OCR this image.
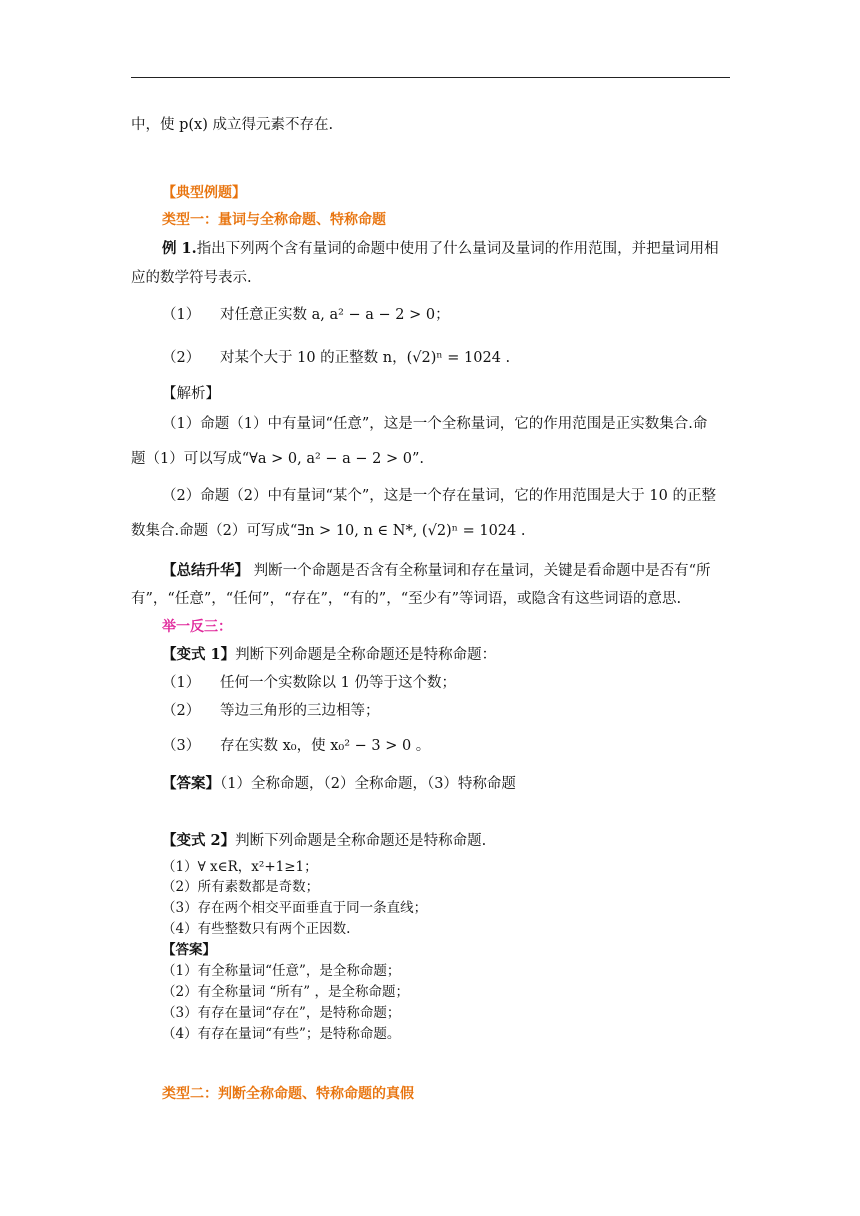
中，使 p(x) 成立得元素不存在.
【典型例题】
类型一：量词与全称命题、特称命题
例 1.指出下列两个含有量词的命题中使用了什么量词及量词的作用范围，并把量词用相
应的数学符号表示.
（1） 对任意正实数 a, a² − a − 2 > 0；
（2） 对某个大于 10 的正整数 n，(√2)ⁿ = 1024 .
【解析】
（1）命题（1）中有量词“任意”，这是一个全称量词，它的作用范围是正实数集合.命
题（1）可以写成“∀a > 0, a² − a − 2 > 0”.
（2）命题（2）中有量词“某个”，这是一个存在量词，它的作用范围是大于 10 的正整
数集合.命题（2）可写成“∃n > 10, n ∈ N*, (√2)ⁿ = 1024 .
【总结升华】 判断一个命题是否含有全称量词和存在量词，关键是看命题中是否有“所
有”，“任意”，“任何”，“存在”，“有的”，“至少有”等词语，或隐含有这些词语的意思.
举一反三：
【变式 1】判断下列命题是全称命题还是特称命题：
（1） 任何一个实数除以 1 仍等于这个数；
（2） 等边三角形的三边相等；
（3） 存在实数 x₀，使 x₀² − 3 > 0 。
【答案】（1）全称命题，（2）全称命题，（3）特称命题
【变式 2】判断下列命题是全称命题还是特称命题.
（1）∀ x∈R，x²+1≥1；
（2）所有素数都是奇数；
（3）存在两个相交平面垂直于同一条直线；
（4）有些整数只有两个正因数.
【答案】
（1）有全称量词“任意”，是全称命题；
（2）有全称量词 “所有” ，是全称命题；
（3）有存在量词“存在”，是特称命题；
（4）有存在量词“有些”；是特称命题。
类型二：判断全称命题、特称命题的真假
